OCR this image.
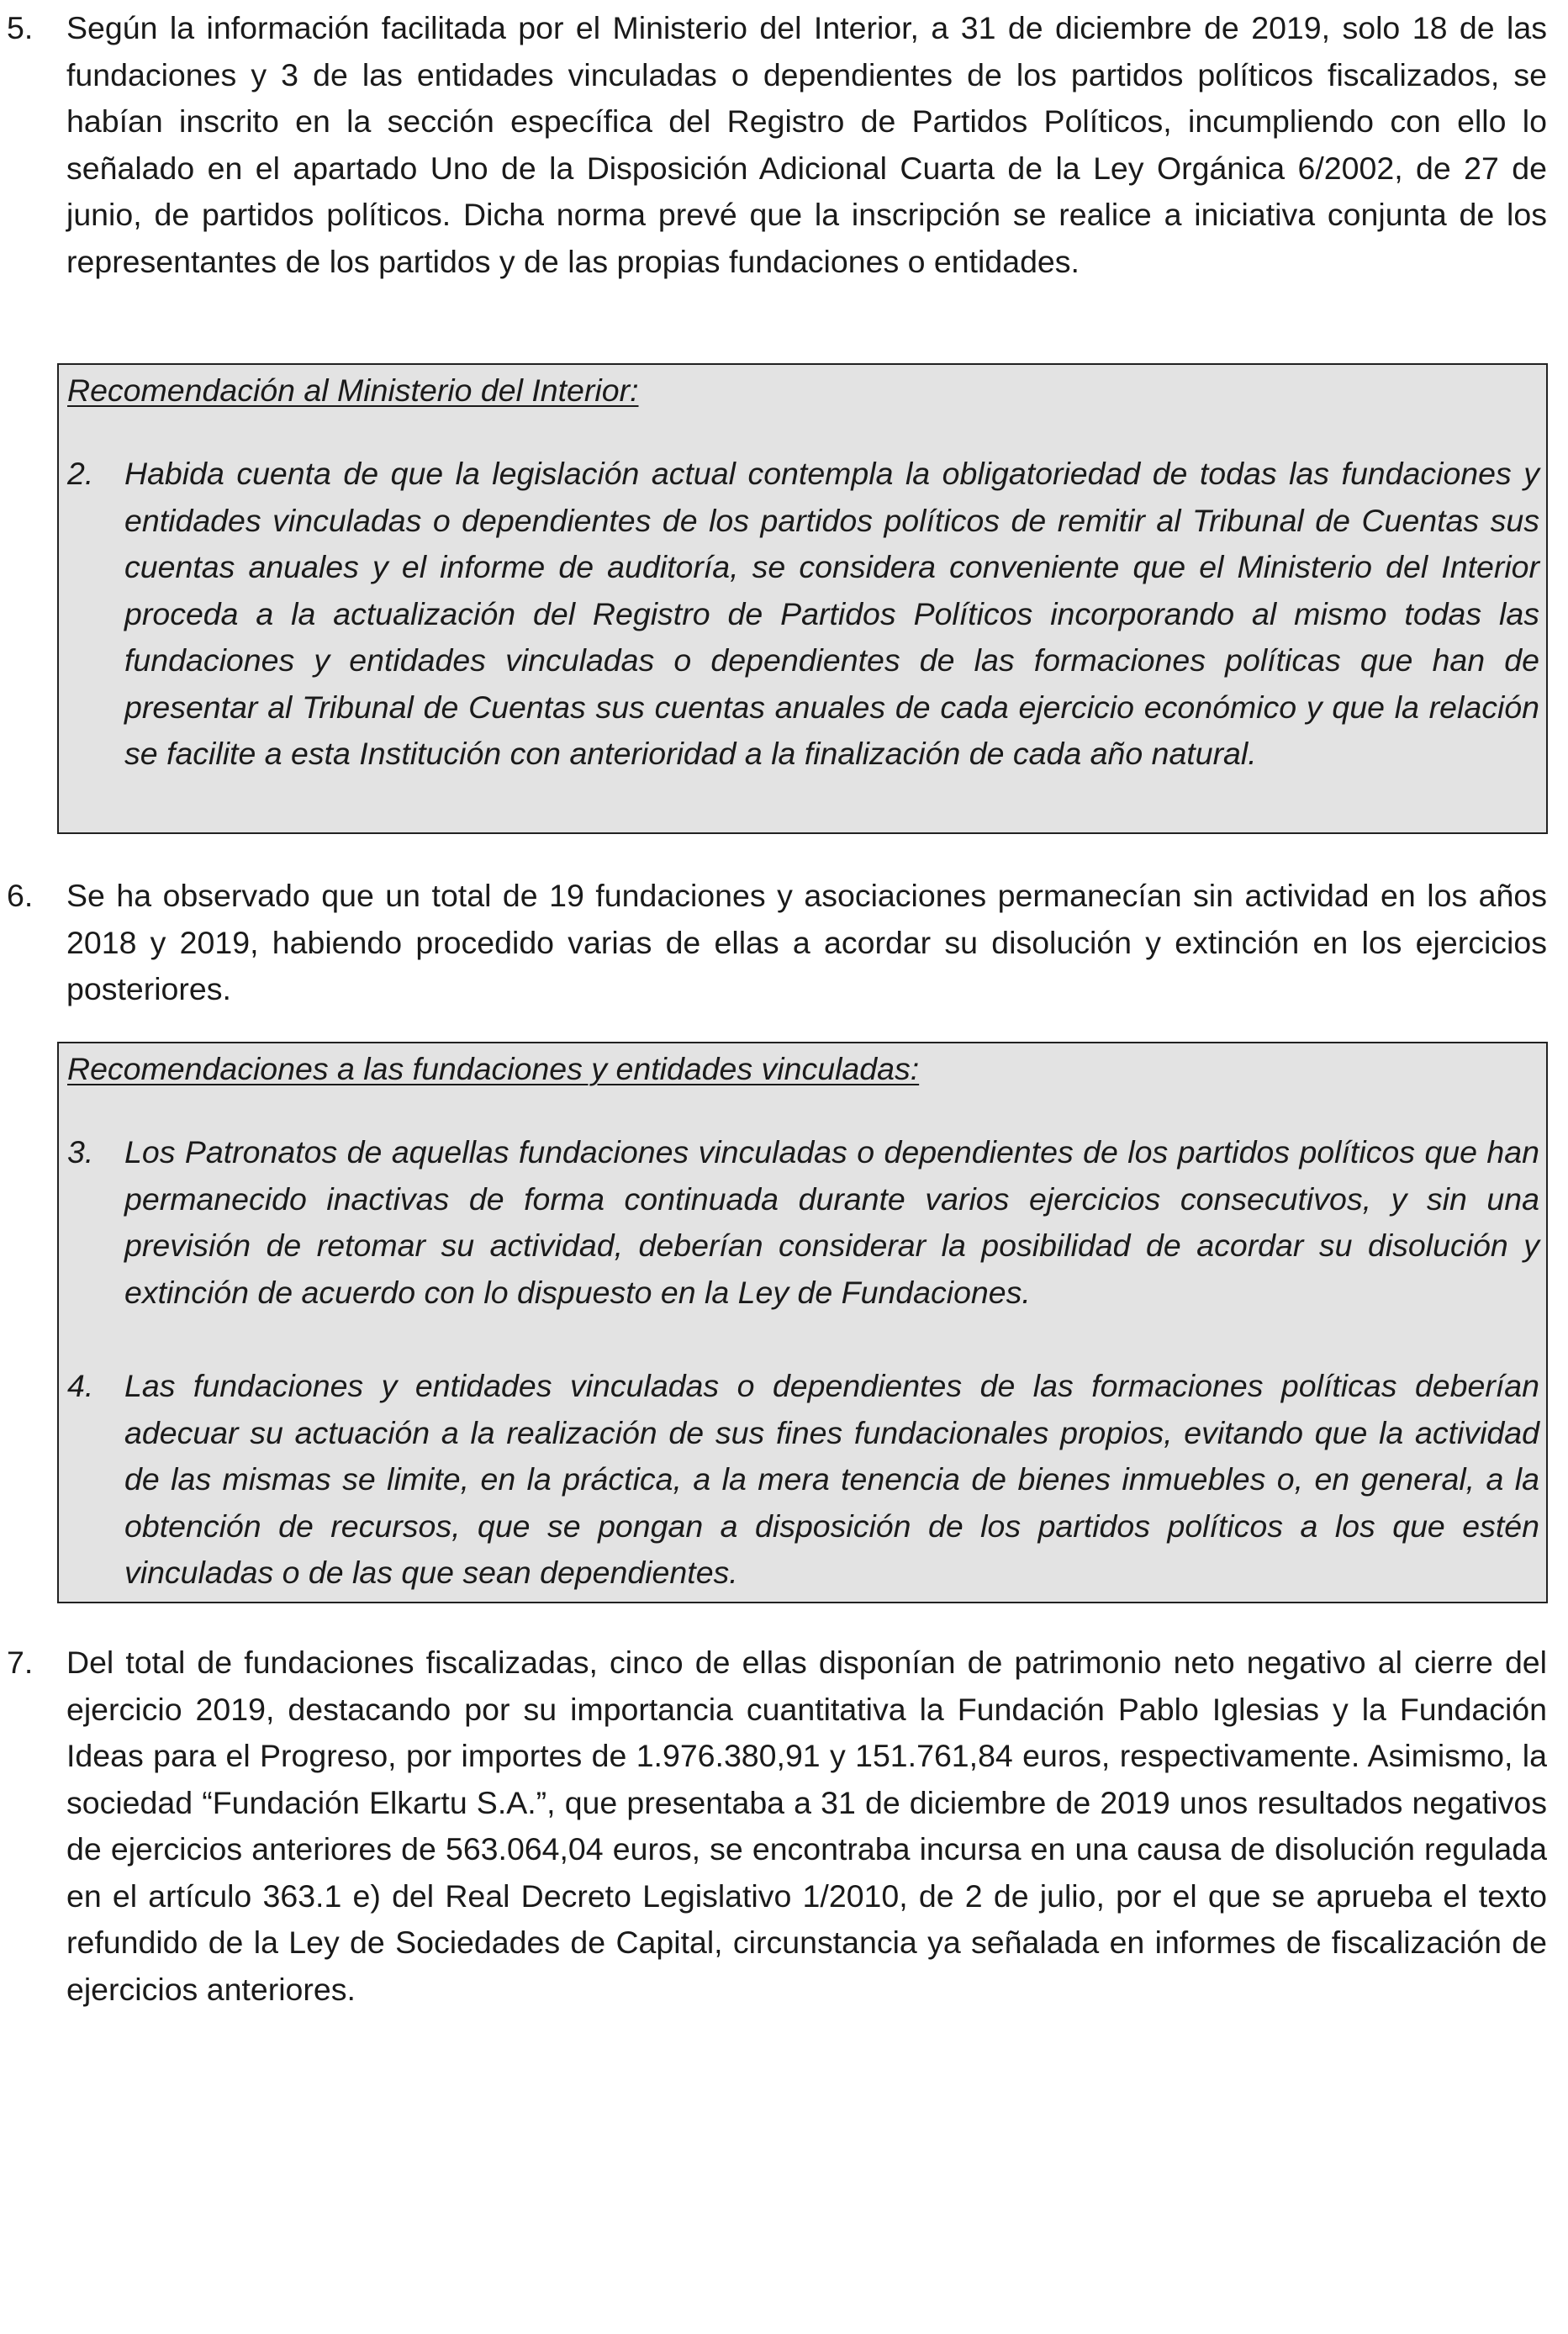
5.	Según la información facilitada por el Ministerio del Interior, a 31 de diciembre de 2019, solo 18 de las fundaciones y 3 de las entidades vinculadas o dependientes de los partidos políticos fiscalizados, se habían inscrito en la sección específica del Registro de Partidos Políticos, incumpliendo con ello lo señalado en el apartado Uno de la Disposición Adicional Cuarta de la Ley Orgánica 6/2002, de 27 de junio, de partidos políticos. Dicha norma prevé que la inscripción se realice a iniciativa conjunta de los representantes de los partidos y de las propias fundaciones o entidades.
Recomendación al Ministerio del Interior:
2. Habida cuenta de que la legislación actual contempla la obligatoriedad de todas las fundaciones y entidades vinculadas o dependientes de los partidos políticos de remitir al Tribunal de Cuentas sus cuentas anuales y el informe de auditoría, se considera conveniente que el Ministerio del Interior proceda a la actualización del Registro de Partidos Políticos incorporando al mismo todas las fundaciones y entidades vinculadas o dependientes de las formaciones políticas que han de presentar al Tribunal de Cuentas sus cuentas anuales de cada ejercicio económico y que la relación se facilite a esta Institución con anterioridad a la finalización de cada año natural.
6.	Se ha observado que un total de 19 fundaciones y asociaciones permanecían sin actividad en los años 2018 y 2019, habiendo procedido varias de ellas a acordar su disolución y extinción en los ejercicios posteriores.
Recomendaciones a las fundaciones y entidades vinculadas:
3. Los Patronatos de aquellas fundaciones vinculadas o dependientes de los partidos políticos que han permanecido inactivas de forma continuada durante varios ejercicios consecutivos, y sin una previsión de retomar su actividad, deberían considerar la posibilidad de acordar su disolución y extinción de acuerdo con lo dispuesto en la Ley de Fundaciones.
4. Las fundaciones y entidades vinculadas o dependientes de las formaciones políticas deberían adecuar su actuación a la realización de sus fines fundacionales propios, evitando que la actividad de las mismas se limite, en la práctica, a la mera tenencia de bienes inmuebles o, en general, a la obtención de recursos, que se pongan a disposición de los partidos políticos a los que estén vinculadas o de las que sean dependientes.
7.	Del total de fundaciones fiscalizadas, cinco de ellas disponían de patrimonio neto negativo al cierre del ejercicio 2019, destacando por su importancia cuantitativa la Fundación Pablo Iglesias y la Fundación Ideas para el Progreso, por importes de 1.976.380,91 y 151.761,84 euros, respectivamente. Asimismo, la sociedad “Fundación Elkartu S.A.”, que presentaba a 31 de diciembre de 2019 unos resultados negativos de ejercicios anteriores de 563.064,04 euros, se encontraba incursa en una causa de disolución regulada en el artículo 363.1 e) del Real Decreto Legislativo 1/2010, de 2 de julio, por el que se aprueba el texto refundido de la Ley de Sociedades de Capital, circunstancia ya señalada en informes de fiscalización de ejercicios anteriores.
